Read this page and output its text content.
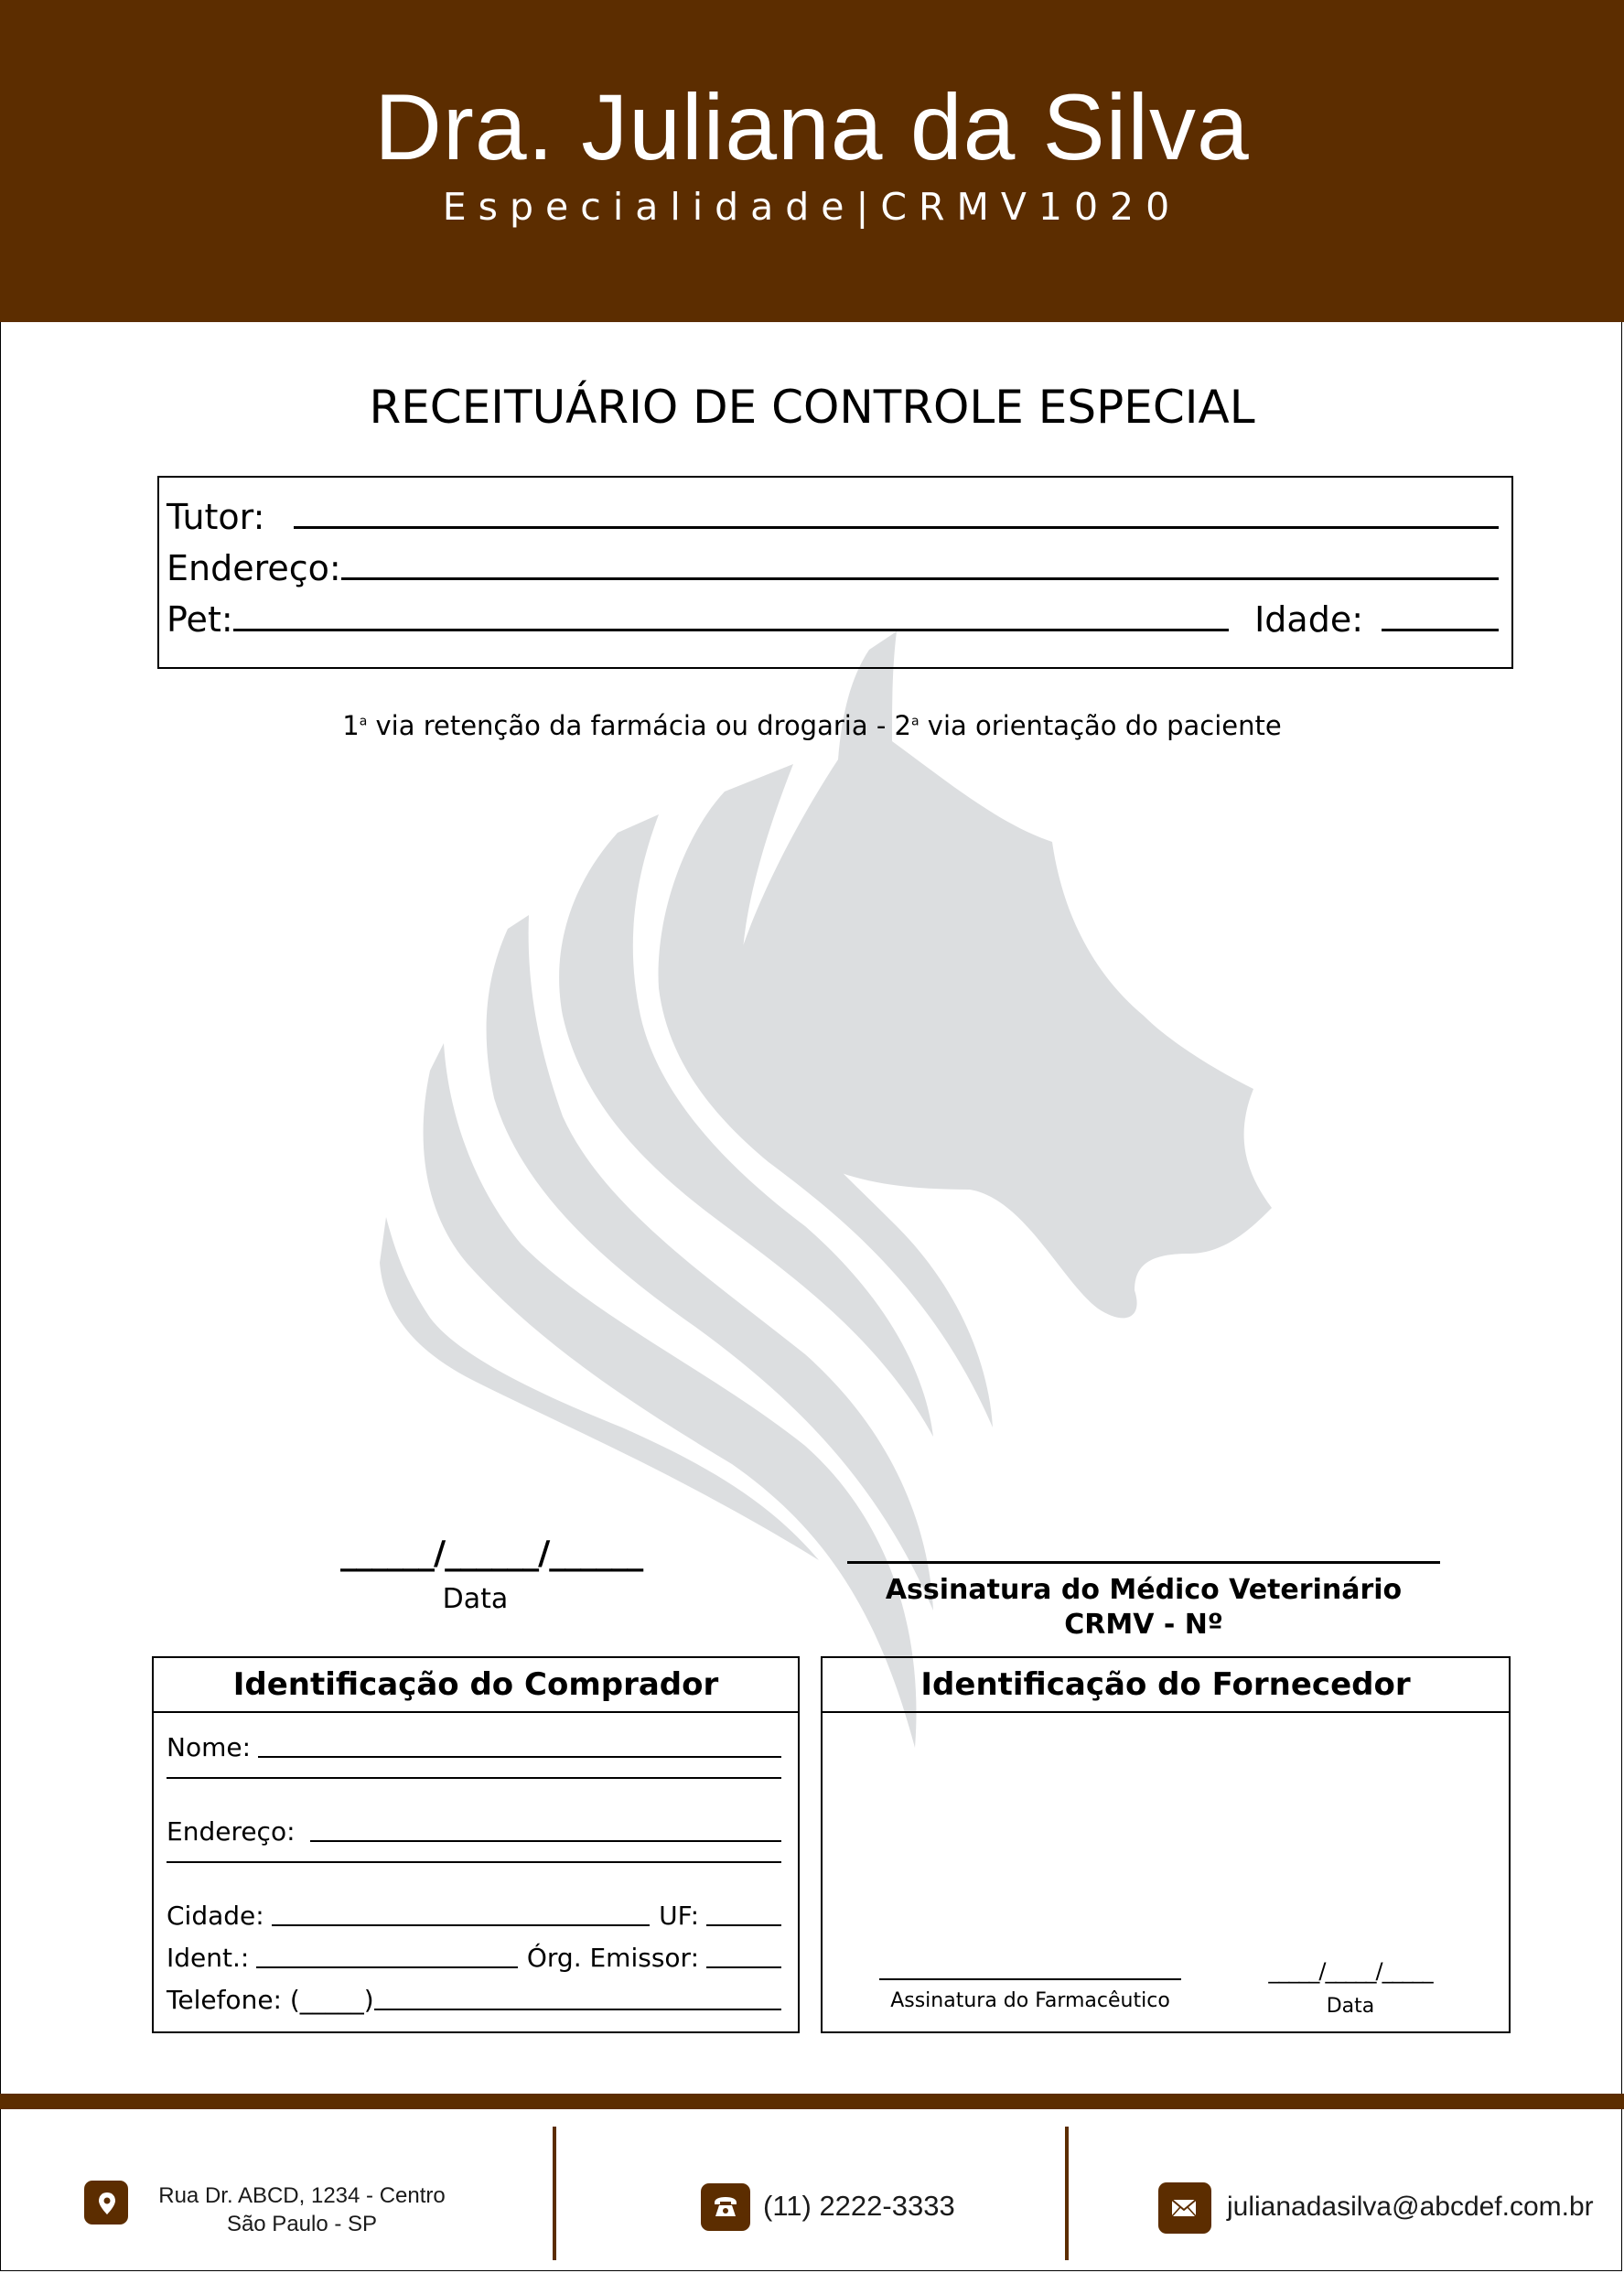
Dra. Juliana da Silva
Especialidade|CRMV1020
RECEITUÁRIO DE CONTROLE ESPECIAL
Tutor:
Endereço:
Pet:	Idade:
1$^a$ via retenção da farmácia ou drogaria - 2$^a$ via orientação do paciente
______/______/______
Data	Assinatura do Médico Veterinário
CRMV - Nº
Identificação do Comprador
Nome:
Endereço:
Cidade:	UF:
Ident.:	Órg. Emissor:
Telefone: (_____)
Identificação do Fornecedor
Assinatura do Farmacêutico
_____/_____/_____
Data
Rua Dr. ABCD, 1234 - Centro
São Paulo - SP
(11) 2222-3333	julianadasilva@abcdef.com.br
